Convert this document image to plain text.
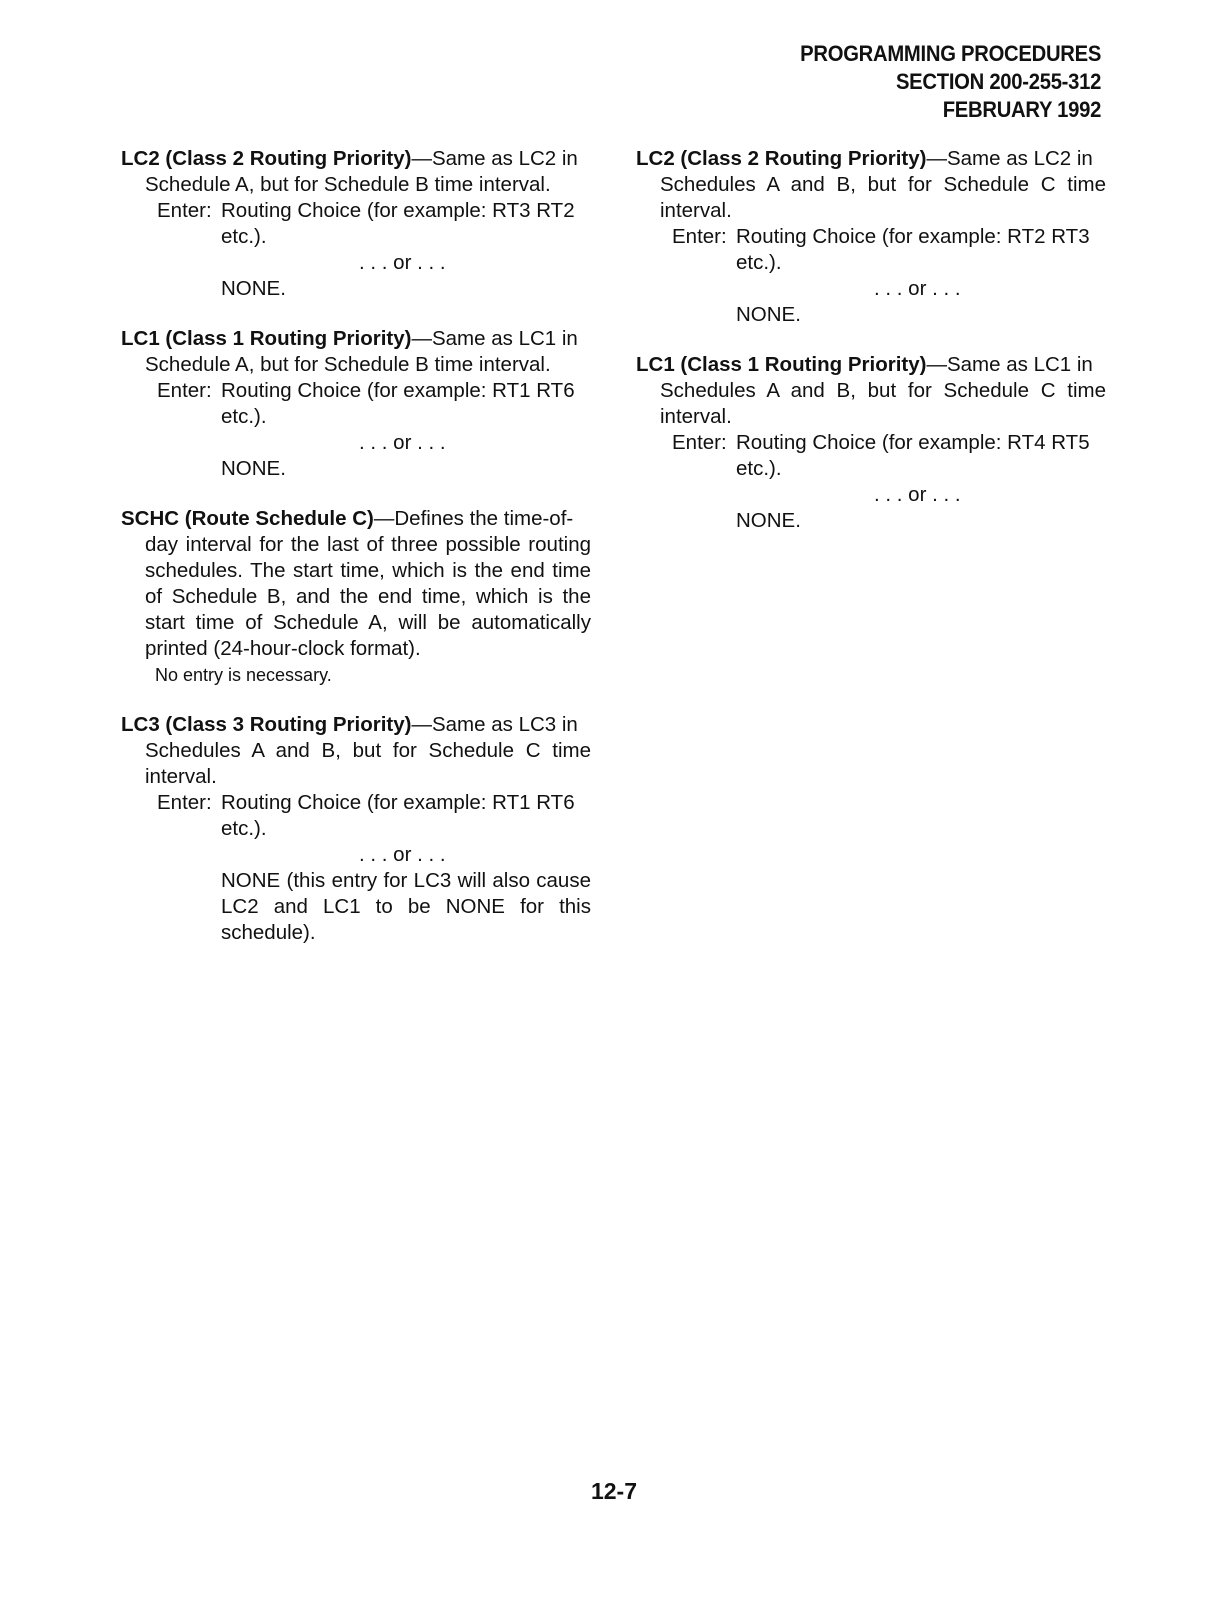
PROGRAMMING PROCEDURES
SECTION 200-255-312
FEBRUARY 1992
LC2 (Class 2 Routing Priority)—Same as LC2 in
Schedule A, but for Schedule B time interval.
Enter: Routing Choice (for example: RT3 RT2
etc.).
. . . or . . .
NONE.
LC1 (Class 1 Routing Priority)—Same as LC1 in
Schedule A, but for Schedule B time interval.
Enter: Routing Choice (for example: RT1 RT6
etc.).
. . . or . . .
NONE.
SCHC (Route Schedule C)—Defines the time-of-
day interval for the last of three possible routing schedules. The start time, which is the end time of Schedule B, and the end time, which is the start time of Schedule A, will be automatically printed (24-hour-clock format).
No entry is necessary.
LC3 (Class 3 Routing Priority)—Same as LC3 in
Schedules A and B, but for Schedule C time interval.
Enter: Routing Choice (for example: RT1 RT6
etc.).
. . . or . . .
NONE (this entry for LC3 will also cause LC2 and LC1 to be NONE for this schedule).
LC2 (Class 2 Routing Priority)—Same as LC2 in
Schedules A and B, but for Schedule C time interval.
Enter: Routing Choice (for example: RT2 RT3
etc.).
. . . or . . .
NONE.
LC1 (Class 1 Routing Priority)—Same as LC1 in
Schedules A and B, but for Schedule C time interval.
Enter: Routing Choice (for example: RT4 RT5
etc.).
. . . or . . .
NONE.
12-7
